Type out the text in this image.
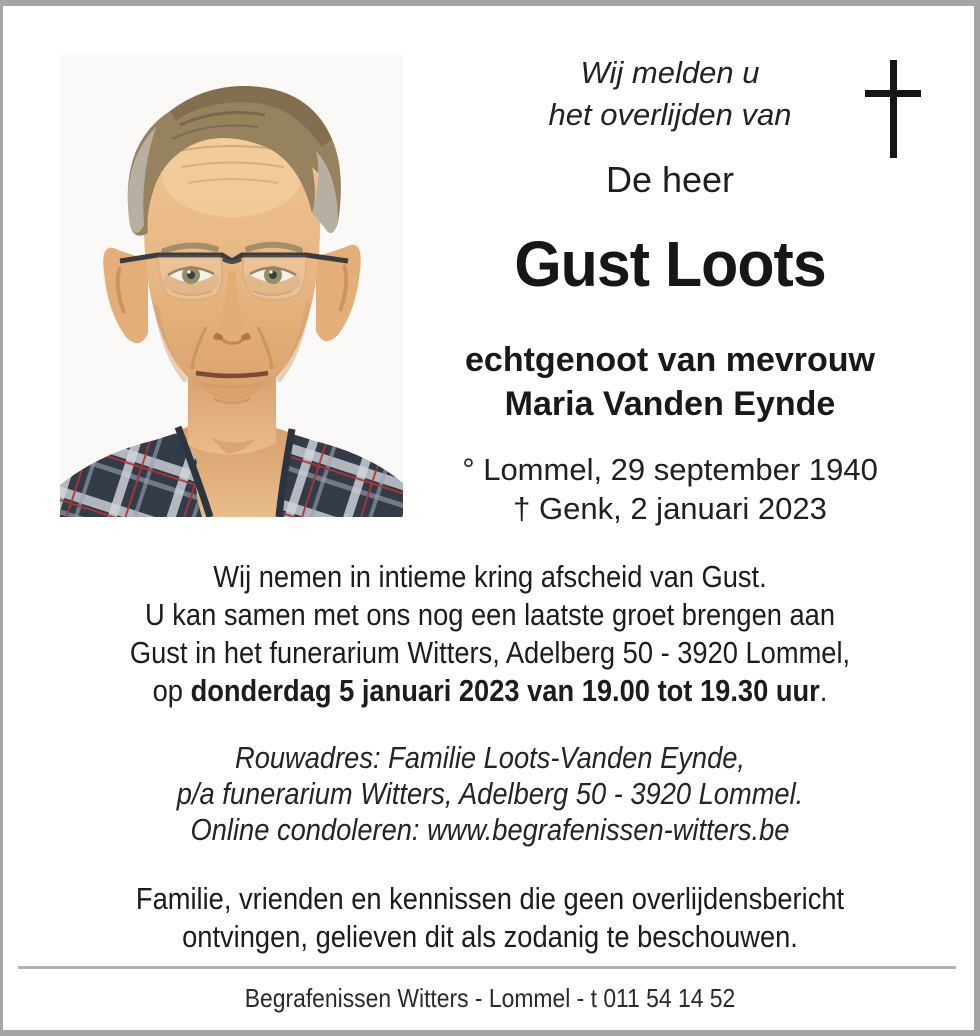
Wij melden u
het overlijden van
De heer
Gust Loots
echtgenoot van mevrouw
Maria Vanden Eynde
° Lommel, 29 september 1940
† Genk, 2 januari 2023
Wij nemen in intieme kring afscheid van Gust.
U kan samen met ons nog een laatste groet brengen aan
Gust in het funerarium Witters, Adelberg 50 - 3920 Lommel,
op donderdag 5 januari 2023 van 19.00 tot 19.30 uur.
Rouwadres: Familie Loots-Vanden Eynde,
p/a funerarium Witters, Adelberg 50 - 3920 Lommel.
Online condoleren: www.begrafenissen-witters.be
Familie, vrienden en kennissen die geen overlijdensbericht
ontvingen, gelieven dit als zodanig te beschouwen.
Begrafenissen Witters - Lommel - t 011 54 14 52
